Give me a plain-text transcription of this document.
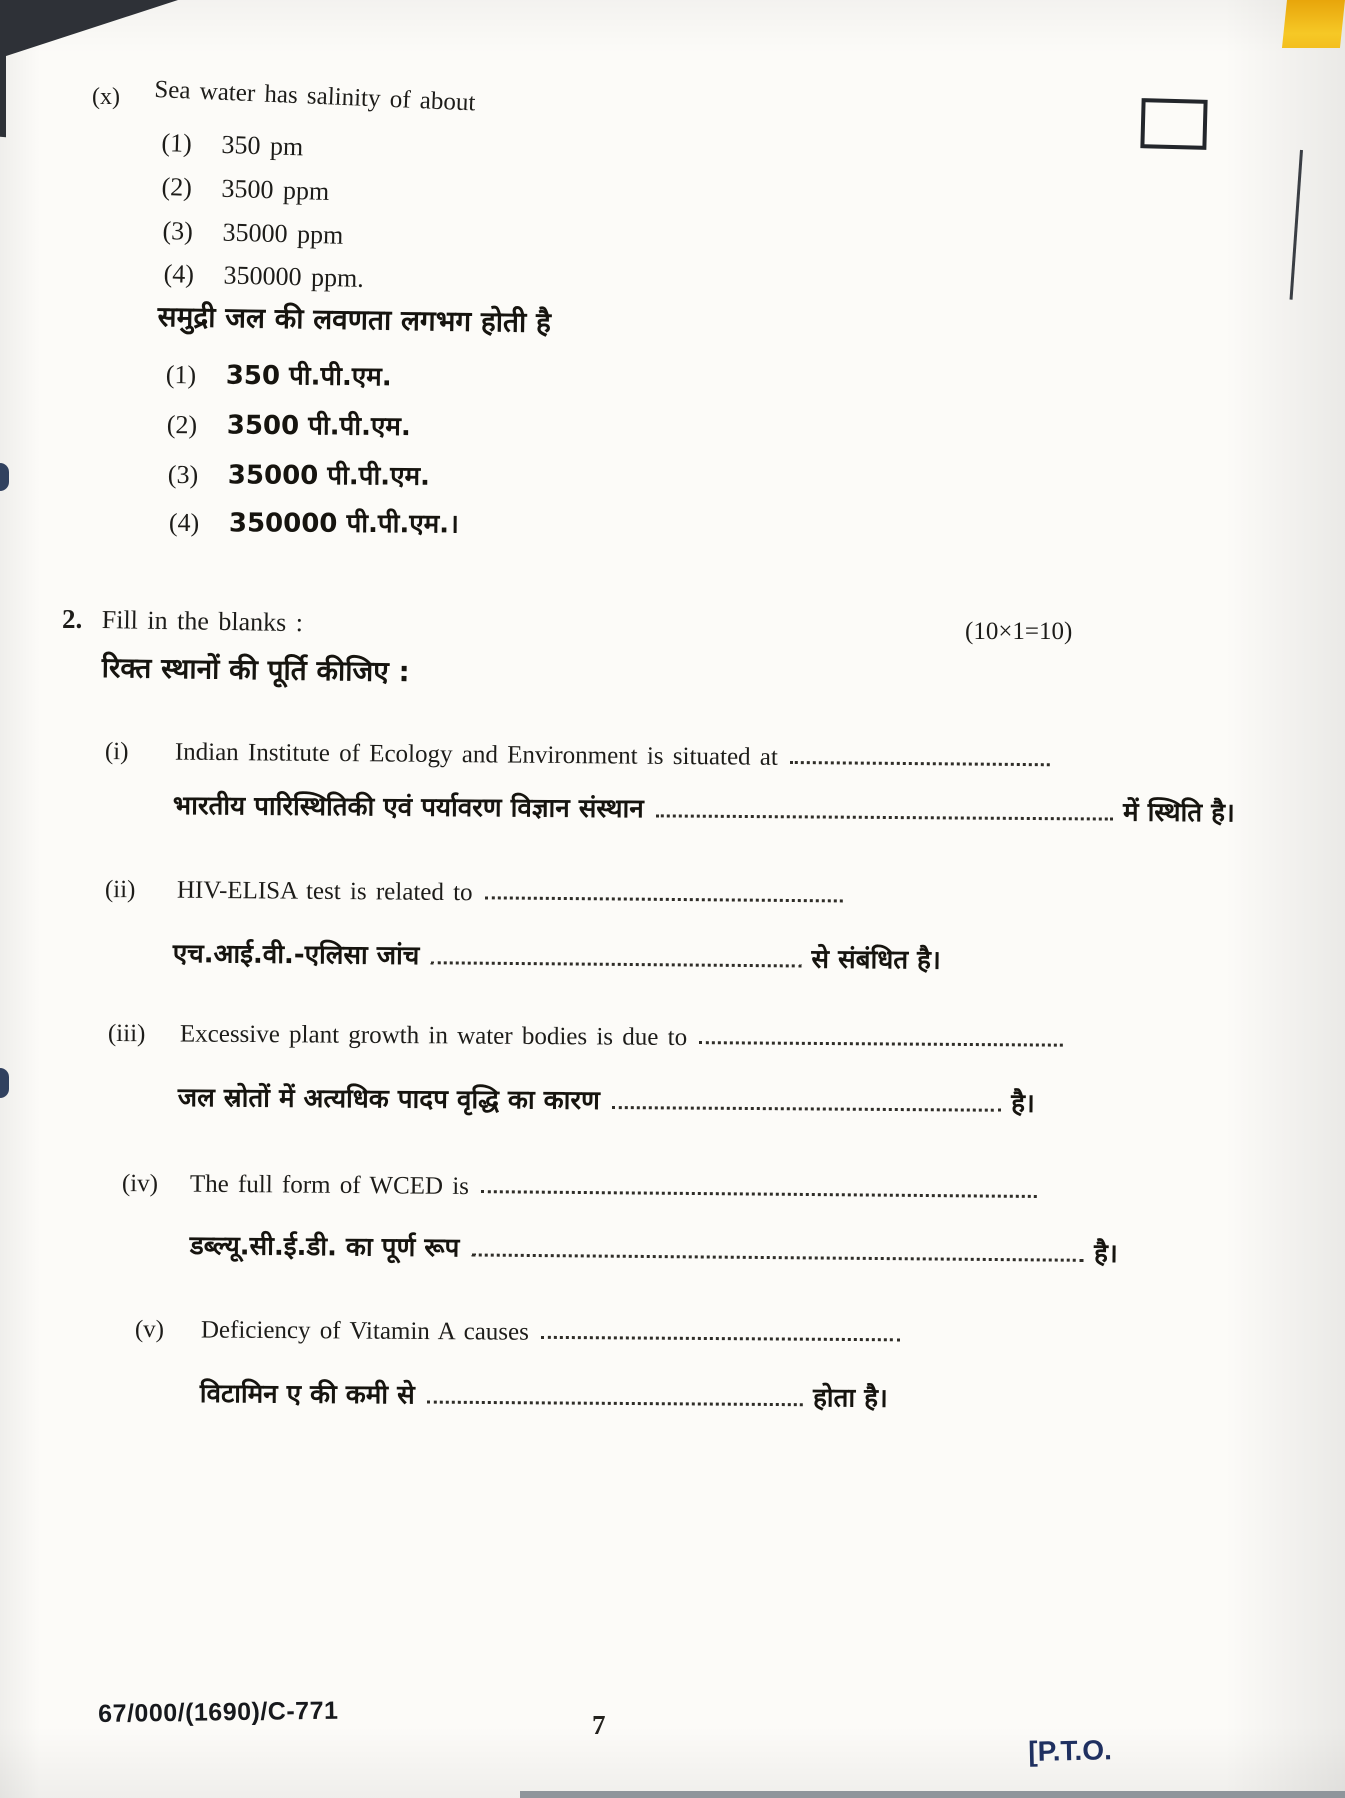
(x) Sea water has salinity of about
(1)	350 pm
(2)	3500 ppm
(3)	35000 ppm
(4)	350000 ppm.
समुद्री जल की लवणता लगभग होती है
(1)	350 पी.पी.एम.
(2)	3500 पी.पी.एम.
(3)	35000 पी.पी.एम.
(4)	350000 पी.पी.एम.।
2. Fill in the blanks :	(10×1=10)
रिक्त स्थानों की पूर्ति कीजिए :
(i)	Indian Institute of Ecology and Environment is situated at
भारतीय पारिस्थितिकी एवं पर्यावरण विज्ञान संस्थान	में स्थिति है।
(ii)	HIV-ELISA test is related to
एच.आई.वी.-एलिसा जांच	से संबंधित है।
(iii)	Excessive plant growth in water bodies is due to
जल स्रोतों में अत्यधिक पादप वृद्धि का कारण	है।
(iv)	The full form of WCED is
डब्ल्यू.सी.ई.डी. का पूर्ण रूप	है।
(v)	Deficiency of Vitamin A causes
विटामिन ए की कमी से	होता है।
67/000/(1690)/C-771	7
[P.T.O.
